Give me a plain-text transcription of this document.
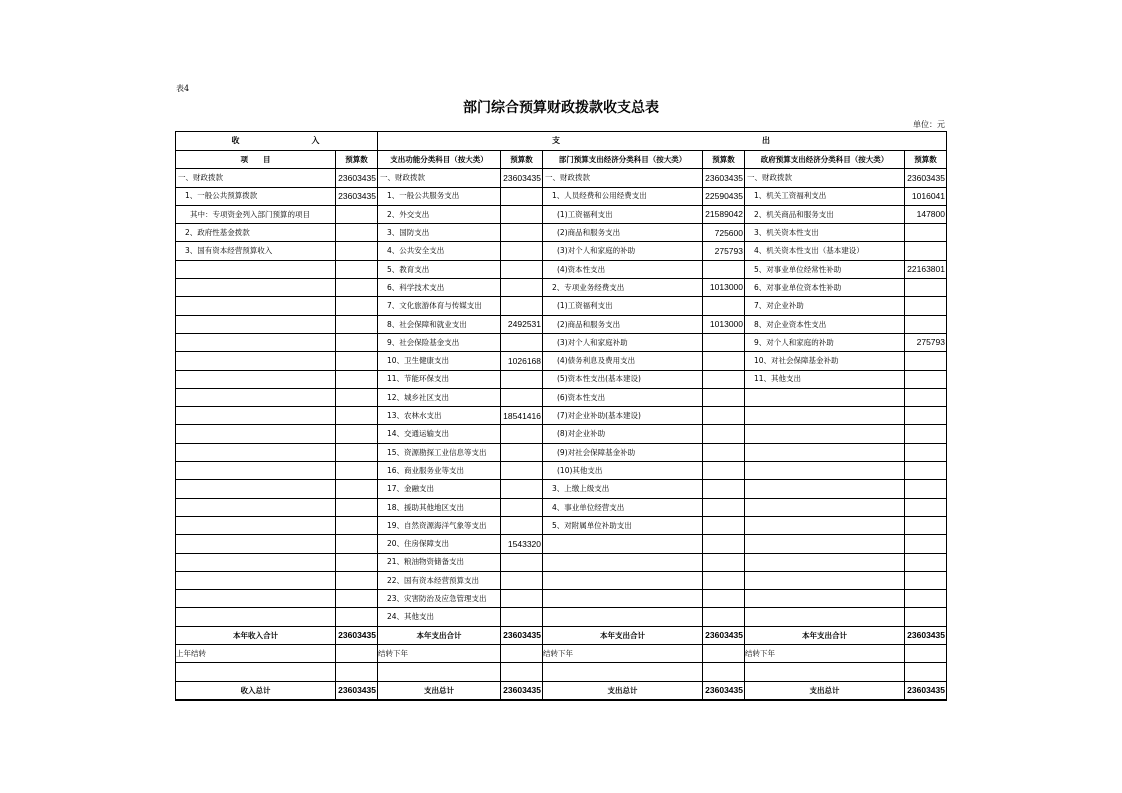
表4
部门综合预算财政拨款收支总表
单位：元
收 入		支 出					
项　　目	预算数	支出功能分类科目（按大类）	预算数	部门预算支出经济分类科目（按大类）	预算数	政府预算支出经济分类科目（按大类）	预算数
一、财政拨款	23603435	一、财政拨款	23603435	一、财政拨款	23603435	一、财政拨款	23603435
1、一般公共预算拨款	23603435	1、一般公共服务支出		1、人员经费和公用经费支出	22590435	1、机关工资福利支出	1016041
其中：专项资金列入部门预算的项目		2、外交支出		(1)工资福利支出	21589042	2、机关商品和服务支出	147800
2、政府性基金拨款		3、国防支出		(2)商品和服务支出	725600	3、机关资本性支出	
3、国有资本经营预算收入		4、公共安全支出		(3)对个人和家庭的补助	275793	4、机关资本性支出（基本建设）	
		5、教育支出		(4)资本性支出		5、对事业单位经常性补助	22163801
		6、科学技术支出		2、专项业务经费支出	1013000	6、对事业单位资本性补助	
		7、文化旅游体育与传媒支出		(1)工资福利支出		7、对企业补助	
		8、社会保障和就业支出	2492531	(2)商品和服务支出	1013000	8、对企业资本性支出	
		9、社会保险基金支出		(3)对个人和家庭补助		9、对个人和家庭的补助	275793
		10、卫生健康支出	1026168	(4)债务利息及费用支出		10、对社会保障基金补助	
		11、节能环保支出		(5)资本性支出(基本建设)		11、其他支出	
		12、城乡社区支出		(6)资本性支出			
		13、农林水支出	18541416	(7)对企业补助(基本建设)			
		14、交通运输支出		(8)对企业补助			
		15、资源勘探工业信息等支出		(9)对社会保障基金补助			
		16、商业服务业等支出		(10)其他支出			
		17、金融支出		3、上缴上级支出			
		18、援助其他地区支出		4、事业单位经营支出			
		19、自然资源海洋气象等支出		5、对附属单位补助支出			
		20、住房保障支出	1543320				
		21、粮油物资储备支出					
		22、国有资本经营预算支出					
		23、灾害防治及应急管理支出					
		24、其他支出					
本年收入合计	23603435	本年支出合计	23603435	本年支出合计	23603435	本年支出合计	23603435
上年结转		结转下年		结转下年		结转下年	

收入总计	23603435	支出总计	23603435	支出总计	23603435	支出总计	23603435
